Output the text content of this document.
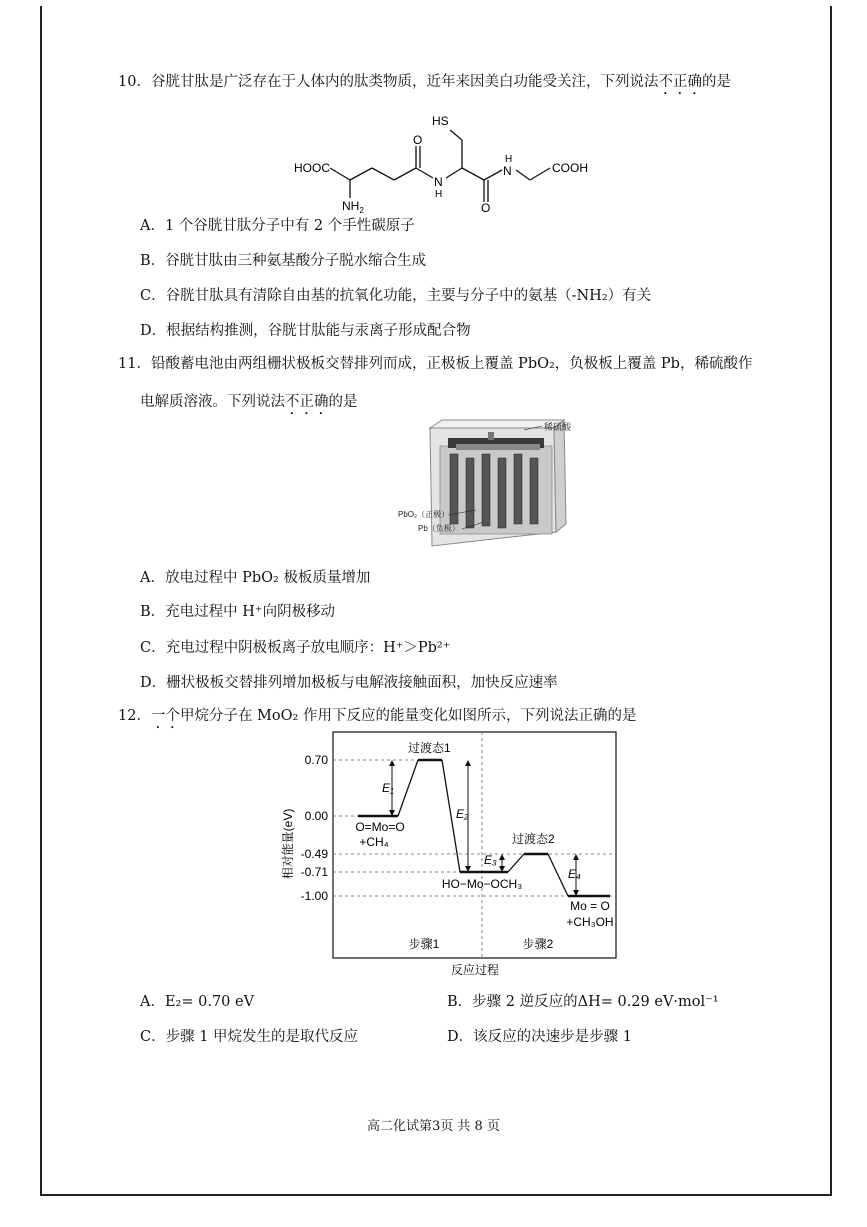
10．谷胱甘肽是广泛存在于人体内的肽类物质，近年来因美白功能受关注，下列说法不正确的是
HS
HOOC
N
H
H
N
O
O
COOH
$NH_2$
A．1 个谷胱甘肽分子中有 2 个手性碳原子
B．谷胱甘肽由三种氨基酸分子脱水缩合生成
C．谷胱甘肽具有清除自由基的抗氧化功能，主要与分子中的氨基（-NH₂）有关
D．根据结构推测，谷胱甘肽能与汞离子形成配合物
11．铅酸蓄电池由两组栅状极板交替排列而成，正极板上覆盖 PbO₂，负极板上覆盖 Pb，稀硫酸作
电解质溶液。下列说法不正确的是
稀硫酸
PbO₂（正极）
Pb（负极）
A．放电过程中 PbO₂ 极板质量增加
B．充电过程中 H⁺向阴极移动
C．充电过程中阴极板离子放电顺序：H⁺＞Pb²⁺
D．栅状极板交替排列增加极板与电解液接触面积，加快反应速率
12．一个甲烷分子在 MoO₂ 作用下反应的能量变化如图所示，下列说法正确的是
相对能量(eV)
0.70
0.00
-0.49
-0.71
-1.00
E₁
E₂
E₃
E₄
过渡态1
O=Mo=O
+CH₄
HO−Mo−OCH₃
过渡态2
Mo = O
+CH₃OH
步骤1	步骤2
反应过程
A．E₂= 0.70 eV	B．步骤 2 逆反应的ΔH= 0.29 eV·mol⁻¹
C．步骤 1 甲烷发生的是取代反应	D．该反应的决速步是步骤 1
高二化试第3页 共 8 页
